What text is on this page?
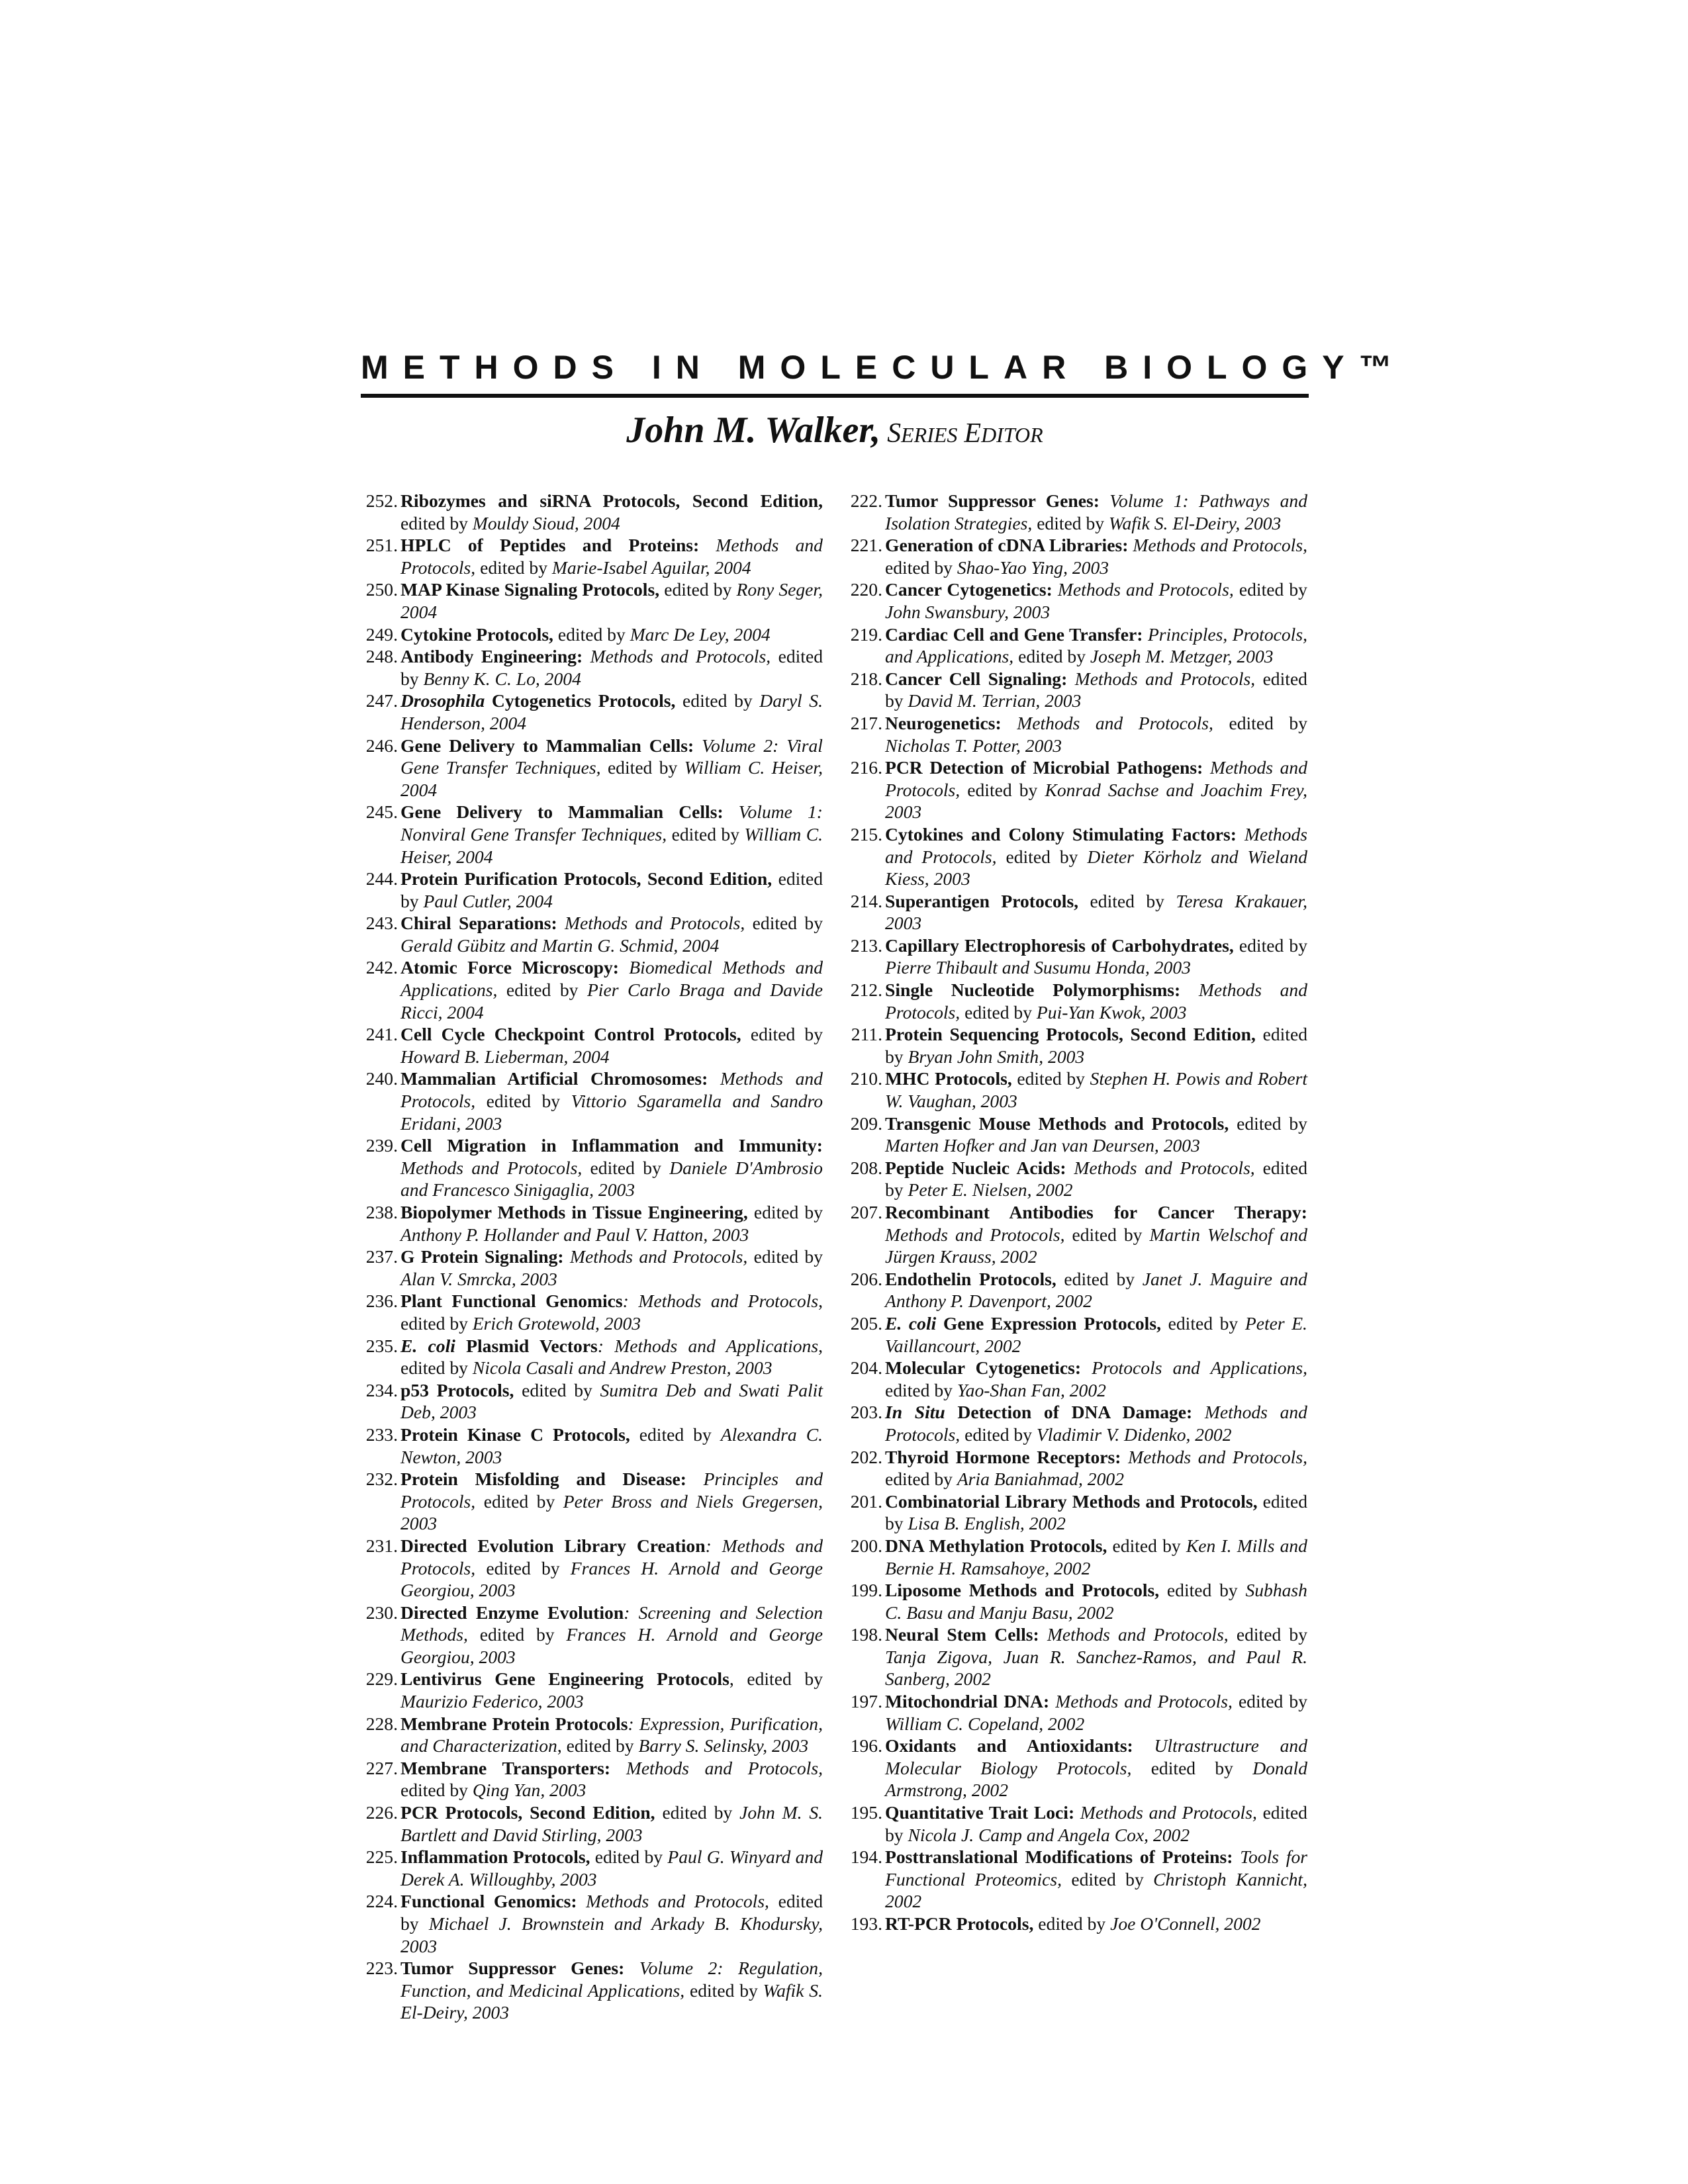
METHODS IN MOLECULAR BIOLOGY™
John M. Walker, SERIES EDITOR

252. Ribozymes and siRNA Protocols, Second Edition, edited by Mouldy Sioud, 2004

251. HPLC of Peptides and Proteins: Methods and Protocols, edited by Marie-Isabel Aguilar, 2004

250. MAP Kinase Signaling Protocols, edited by Rony Seger, 2004

249. Cytokine Protocols, edited by Marc De Ley, 2004

248. Antibody Engineering: Methods and Protocols, edited by Benny K. C. Lo, 2004

247. Drosophila Cytogenetics Protocols, edited by Daryl S. Henderson, 2004

246. Gene Delivery to Mammalian Cells: Volume 2: Viral Gene Transfer Techniques, edited by William C. Heiser, 2004

245. Gene Delivery to Mammalian Cells: Volume 1: Nonviral Gene Transfer Techniques, edited by William C. Heiser, 2004

244. Protein Purification Protocols, Second Edition, edited by Paul Cutler, 2004

243. Chiral Separations: Methods and Protocols, edited by Gerald Gübitz and Martin G. Schmid, 2004

242. Atomic Force Microscopy: Biomedical Methods and Applications, edited by Pier Carlo Braga and Davide Ricci, 2004

241. Cell Cycle Checkpoint Control Protocols, edited by Howard B. Lieberman, 2004

240. Mammalian Artificial Chromosomes: Methods and Protocols, edited by Vittorio Sgaramella and Sandro Eridani, 2003

239. Cell Migration in Inflammation and Immunity: Methods and Protocols, edited by Daniele D'Ambrosio and Francesco Sinigaglia, 2003

238. Biopolymer Methods in Tissue Engineering, edited by Anthony P. Hollander and Paul V. Hatton, 2003

237. G Protein Signaling: Methods and Protocols, edited by Alan V. Smrcka, 2003

236. Plant Functional Genomics: Methods and Protocols, edited by Erich Grotewold, 2003

235. E. coli Plasmid Vectors: Methods and Applications, edited by Nicola Casali and Andrew Preston, 2003

234. p53 Protocols, edited by Sumitra Deb and Swati Palit Deb, 2003

233. Protein Kinase C Protocols, edited by Alexandra C. Newton, 2003

232. Protein Misfolding and Disease: Principles and Protocols, edited by Peter Bross and Niels Gregersen, 2003

231. Directed Evolution Library Creation: Methods and Protocols, edited by Frances H. Arnold and George Georgiou, 2003

230. Directed Enzyme Evolution: Screening and Selection Methods, edited by Frances H. Arnold and George Georgiou, 2003

229. Lentivirus Gene Engineering Protocols, edited by Maurizio Federico, 2003

228. Membrane Protein Protocols: Expression, Purification, and Characterization, edited by Barry S. Selinsky, 2003

227. Membrane Transporters: Methods and Protocols, edited by Qing Yan, 2003

226. PCR Protocols, Second Edition, edited by John M. S. Bartlett and David Stirling, 2003

225. Inflammation Protocols, edited by Paul G. Winyard and Derek A. Willoughby, 2003

224. Functional Genomics: Methods and Protocols, edited by Michael J. Brownstein and Arkady B. Khodursky, 2003

223. Tumor Suppressor Genes: Volume 2: Regulation, Function, and Medicinal Applications, edited by Wafik S. El-Deiry, 2003

222. Tumor Suppressor Genes: Volume 1: Pathways and Isolation Strategies, edited by Wafik S. El-Deiry, 2003

221. Generation of cDNA Libraries: Methods and Protocols, edited by Shao-Yao Ying, 2003

220. Cancer Cytogenetics: Methods and Protocols, edited by John Swansbury, 2003

219. Cardiac Cell and Gene Transfer: Principles, Protocols, and Applications, edited by Joseph M. Metzger, 2003

218. Cancer Cell Signaling: Methods and Protocols, edited by David M. Terrian, 2003

217. Neurogenetics: Methods and Protocols, edited by Nicholas T. Potter, 2003

216. PCR Detection of Microbial Pathogens: Methods and Protocols, edited by Konrad Sachse and Joachim Frey, 2003

215. Cytokines and Colony Stimulating Factors: Methods and Protocols, edited by Dieter Körholz and Wieland Kiess, 2003

214. Superantigen Protocols, edited by Teresa Krakauer, 2003

213. Capillary Electrophoresis of Carbohydrates, edited by Pierre Thibault and Susumu Honda, 2003

212. Single Nucleotide Polymorphisms: Methods and Protocols, edited by Pui-Yan Kwok, 2003

211. Protein Sequencing Protocols, Second Edition, edited by Bryan John Smith, 2003

210. MHC Protocols, edited by Stephen H. Powis and Robert W. Vaughan, 2003

209. Transgenic Mouse Methods and Protocols, edited by Marten Hofker and Jan van Deursen, 2003

208. Peptide Nucleic Acids: Methods and Protocols, edited by Peter E. Nielsen, 2002

207. Recombinant Antibodies for Cancer Therapy: Methods and Protocols, edited by Martin Welschof and Jürgen Krauss, 2002

206. Endothelin Protocols, edited by Janet J. Maguire and Anthony P. Davenport, 2002

205. E. coli Gene Expression Protocols, edited by Peter E. Vaillancourt, 2002

204. Molecular Cytogenetics: Protocols and Applications, edited by Yao-Shan Fan, 2002

203. In Situ Detection of DNA Damage: Methods and Protocols, edited by Vladimir V. Didenko, 2002

202. Thyroid Hormone Receptors: Methods and Protocols, edited by Aria Baniahmad, 2002

201. Combinatorial Library Methods and Protocols, edited by Lisa B. English, 2002

200. DNA Methylation Protocols, edited by Ken I. Mills and Bernie H. Ramsahoye, 2002

199. Liposome Methods and Protocols, edited by Subhash C. Basu and Manju Basu, 2002

198. Neural Stem Cells: Methods and Protocols, edited by Tanja Zigova, Juan R. Sanchez-Ramos, and Paul R. Sanberg, 2002

197. Mitochondrial DNA: Methods and Protocols, edited by William C. Copeland, 2002

196. Oxidants and Antioxidants: Ultrastructure and Molecular Biology Protocols, edited by Donald Armstrong, 2002

195. Quantitative Trait Loci: Methods and Protocols, edited by Nicola J. Camp and Angela Cox, 2002

194. Posttranslational Modifications of Proteins: Tools for Functional Proteomics, edited by Christoph Kannicht, 2002

193. RT-PCR Protocols, edited by Joe O'Connell, 2002
